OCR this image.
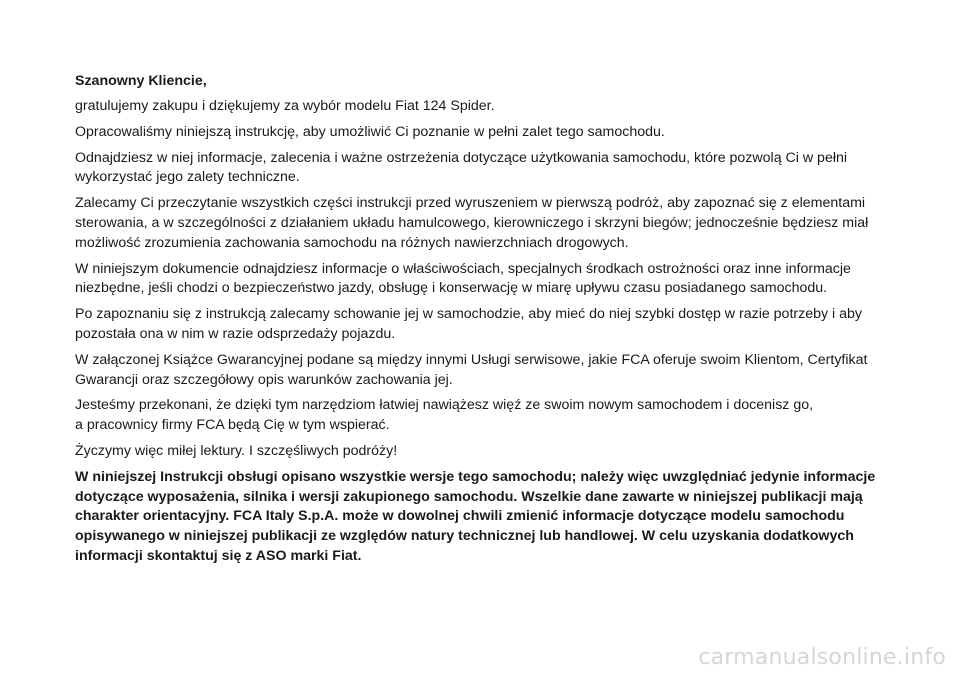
Szanowny Kliencie,
gratulujemy zakupu i dziękujemy za wybór modelu Fiat 124 Spider.
Opracowaliśmy niniejszą instrukcję, aby umożliwić Ci poznanie w pełni zalet tego samochodu.
Odnajdziesz w niej informacje, zalecenia i ważne ostrzeżenia dotyczące użytkowania samochodu, które pozwolą Ci w pełni wykorzystać jego zalety techniczne.
Zalecamy Ci przeczytanie wszystkich części instrukcji przed wyruszeniem w pierwszą podróż, aby zapoznać się z elementami sterowania, a w szczególności z działaniem układu hamulcowego, kierowniczego i skrzyni biegów; jednocześnie będziesz miał możliwość zrozumienia zachowania samochodu na różnych nawierzchniach drogowych.
W niniejszym dokumencie odnajdziesz informacje o właściwościach, specjalnych środkach ostrożności oraz inne informacje niezbędne, jeśli chodzi o bezpieczeństwo jazdy, obsługę i konserwację w miarę upływu czasu posiadanego samochodu.
Po zapoznaniu się z instrukcją zalecamy schowanie jej w samochodzie, aby mieć do niej szybki dostęp w razie potrzeby i aby pozostała ona w nim w razie odsprzedaży pojazdu.
W załączonej Książce Gwarancyjnej podane są między innymi Usługi serwisowe, jakie FCA oferuje swoim Klientom, Certyfikat Gwarancji oraz szczegółowy opis warunków zachowania jej.
Jesteśmy przekonani, że dzięki tym narzędziom łatwiej nawiążesz więź ze swoim nowym samochodem i docenisz go,
a pracownicy firmy FCA będą Cię w tym wspierać.
Życzymy więc miłej lektury. I szczęśliwych podróży!
W niniejszej Instrukcji obsługi opisano wszystkie wersje tego samochodu; należy więc uwzględniać jedynie informacje dotyczące wyposażenia, silnika i wersji zakupionego samochodu. Wszelkie dane zawarte w niniejszej publikacji mają charakter orientacyjny. FCA Italy S.p.A. może w dowolnej chwili zmienić informacje dotyczące modelu samochodu opisywanego w niniejszej publikacji ze względów natury technicznej lub handlowej. W celu uzyskania dodatkowych informacji skontaktuj się z ASO marki Fiat.
carmanualsonline.info
